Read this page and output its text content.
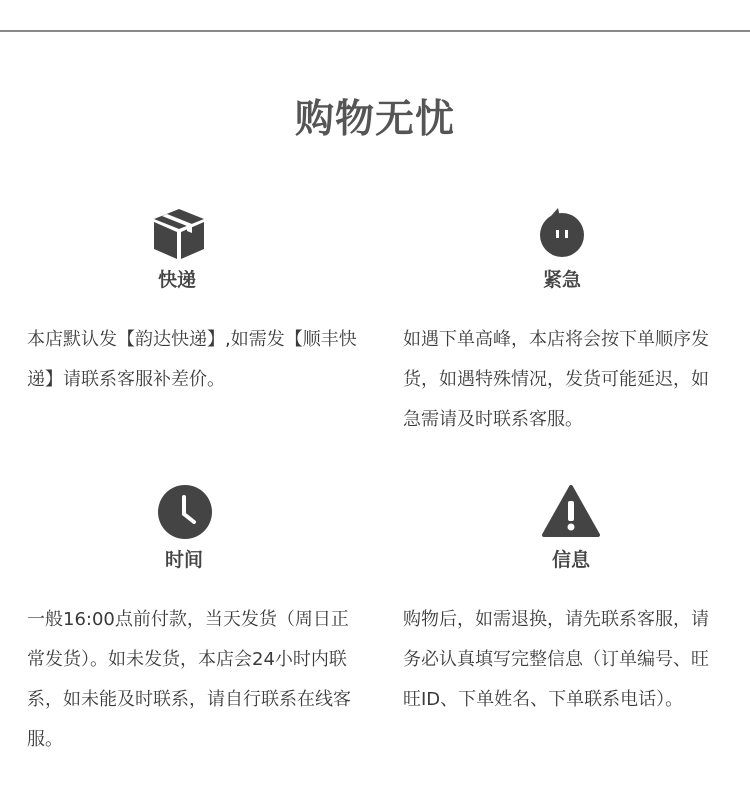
购物无忧
快递
本店默认发【韵达快递】,如需发【顺丰快递】请联系客服补差价。
紧急
如遇下单高峰，本店将会按下单顺序发货，如遇特殊情况，发货可能延迟，如急需请及时联系客服。
时间
一般16:00点前付款，当天发货（周日正常发货）。如未发货，本店会24小时内联系，如未能及时联系，请自行联系在线客服。
信息
购物后，如需退换，请先联系客服，请务必认真填写完整信息（订单编号、旺旺ID、下单姓名、下单联系电话）。
